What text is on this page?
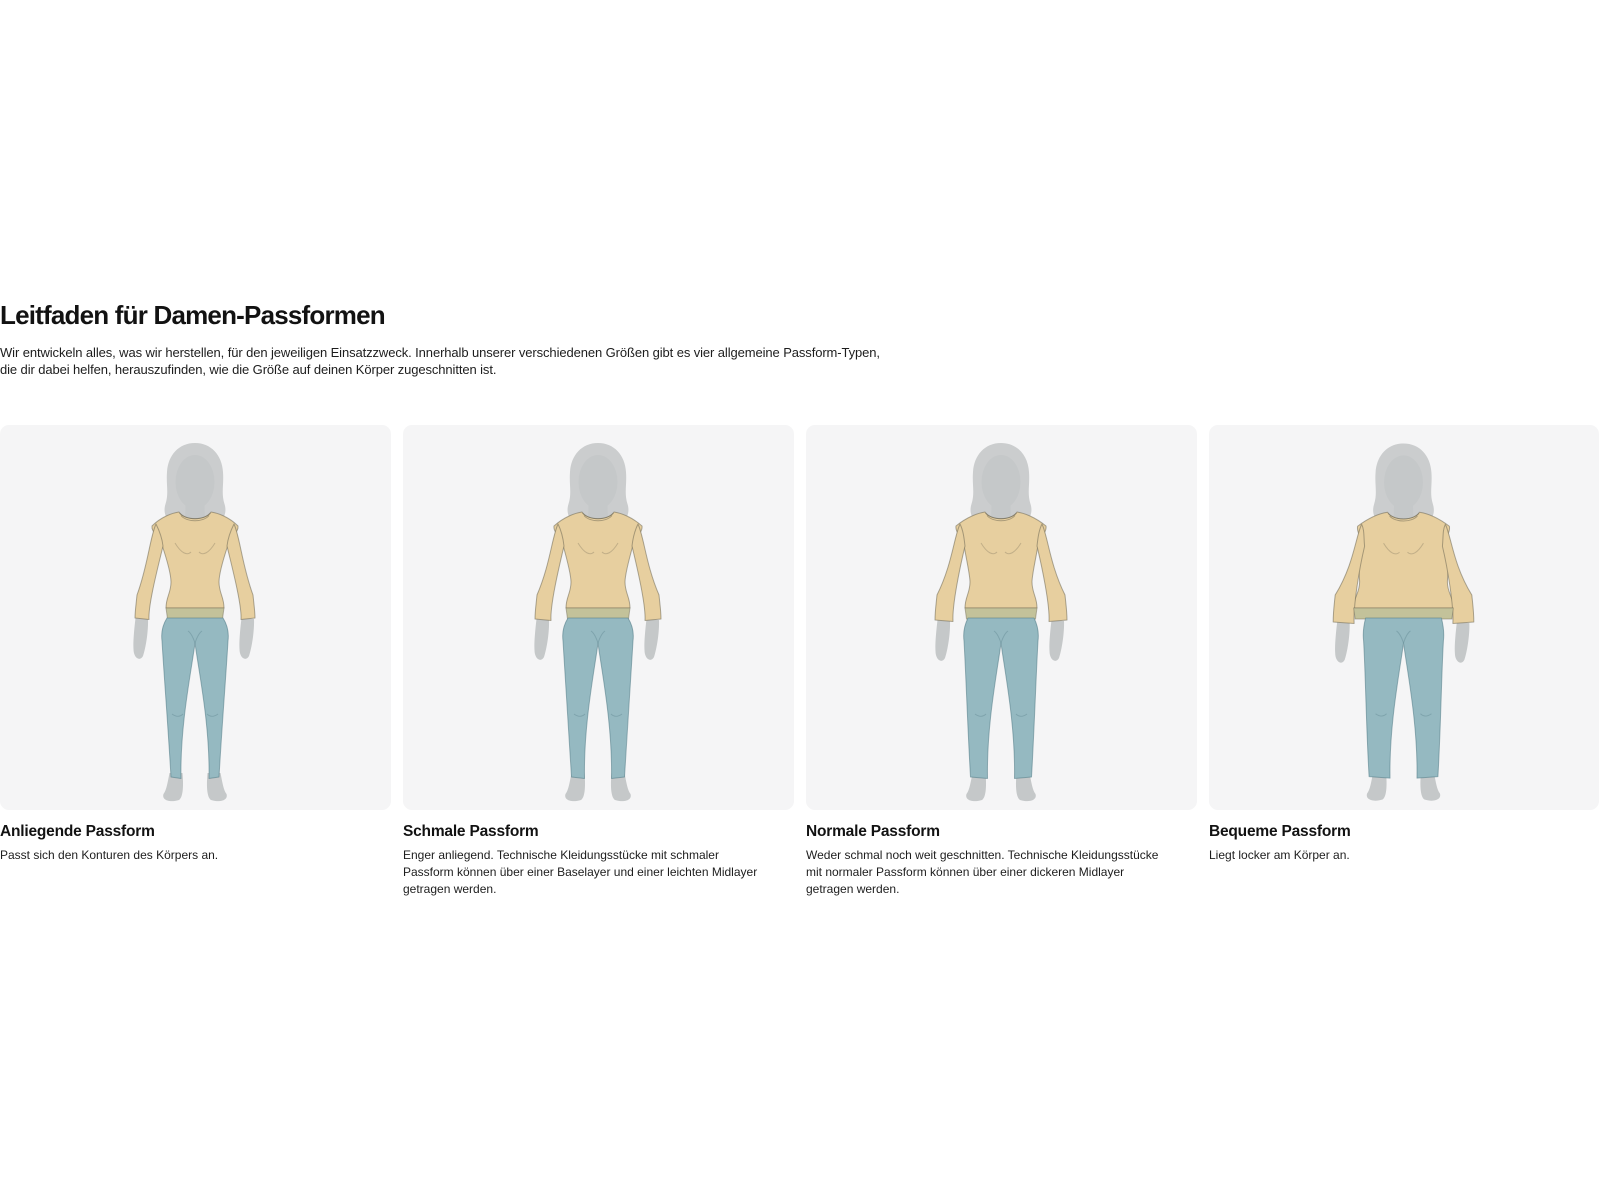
Leitfaden für Damen-Passformen

Wir entwickeln alles, was wir herstellen, für den jeweiligen Einsatzzweck. Innerhalb unserer verschiedenen Größen gibt es vier allgemeine Passform-Typen, die dir dabei helfen, herauszufinden, wie die Größe auf deinen Körper zugeschnitten ist.

Anliegende Passform

Passt sich den Konturen des Körpers an.

Schmale Passform

Enger anliegend. Technische Kleidungsstücke mit schmaler Passform können über einer Baselayer und einer leichten Midlayer getragen werden.

Normale Passform

Weder schmal noch weit geschnitten. Technische Kleidungsstücke mit normaler Passform können über einer dickeren Midlayer getragen werden.

Bequeme Passform

Liegt locker am Körper an.
